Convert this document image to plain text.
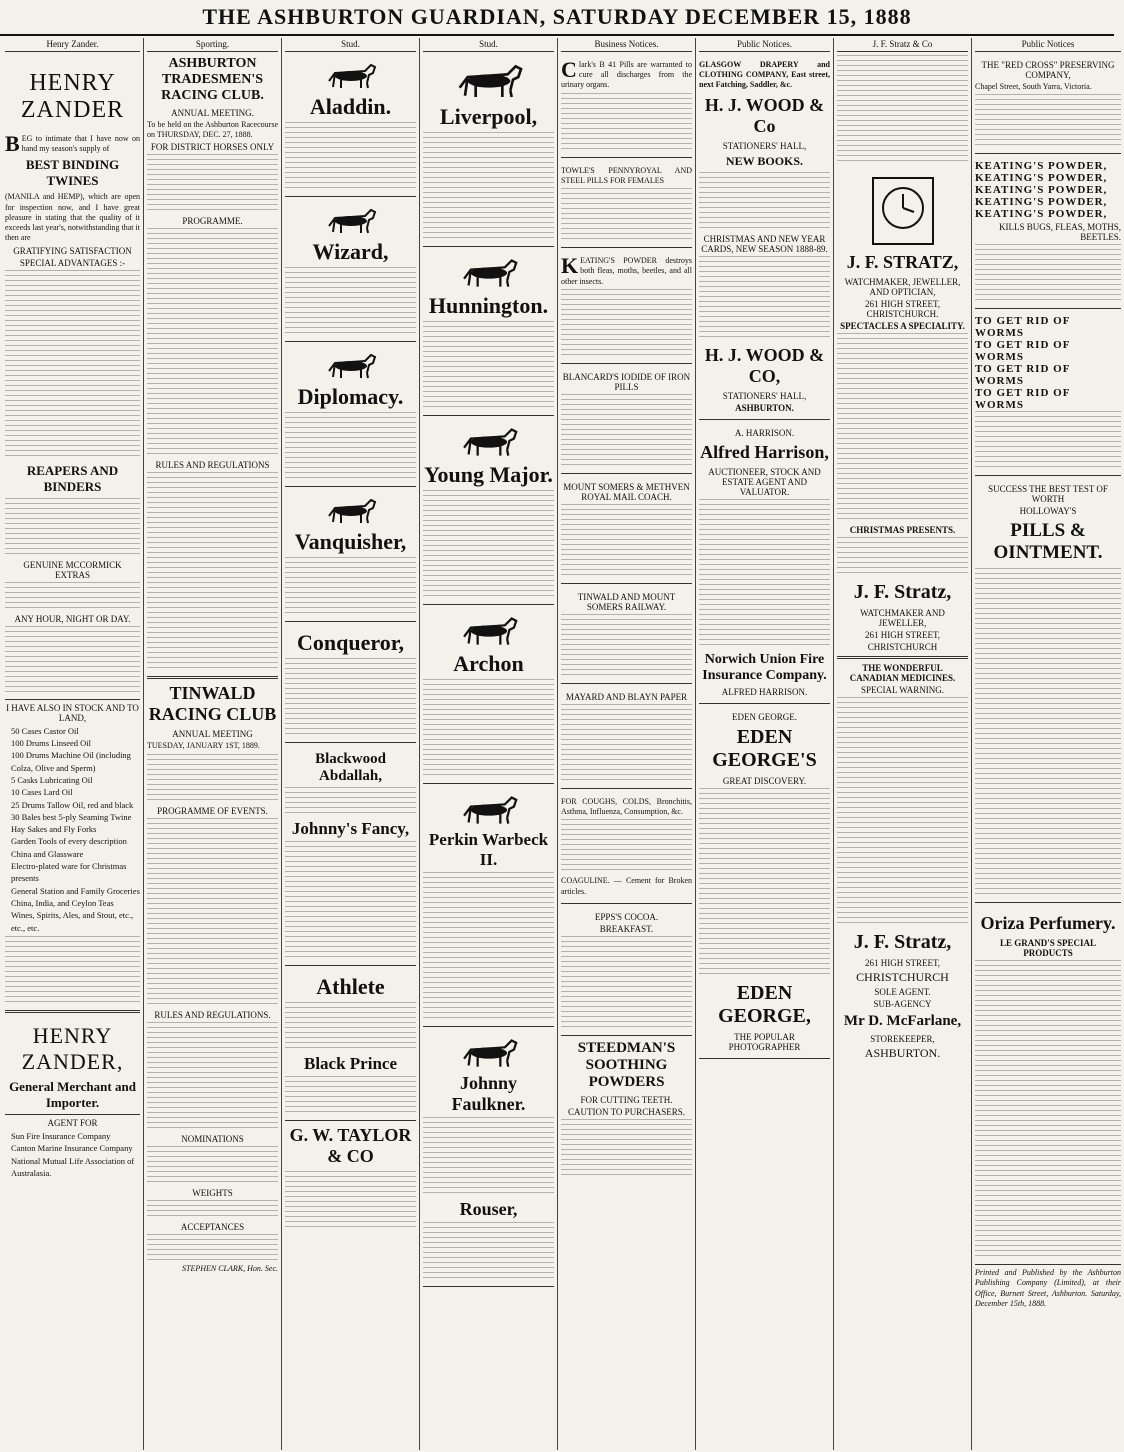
THE ASHBURTON GUARDIAN, SATURDAY DECEMBER 15, 1888
Henry Zander.
HENRY ZANDER
BEG to intimate that I have now on hand my season's supply of
BEST BINDING TWINES
(MANILA and HEMP), which are open for inspection now, and I have great pleasure in stating that the quality of it exceeds last year's, notwithstanding that it then are
GRATIFYING SATISFACTION
SPECIAL ADVANTAGES :-
REAPERS AND BINDERS
GENUINE MCCORMICK EXTRAS
ANY HOUR, NIGHT OR DAY.
I HAVE ALSO IN STOCK AND TO LAND,
50 Cases Castor Oil
100 Drums Linseed Oil
100 Drums Machine Oil (including Colza, Olive and Sperm)
5 Casks Lubricating Oil
10 Cases Lard Oil
25 Drums Tallow Oil, red and black
30 Bales best 5-ply Seaming Twine
Hay Sakes and Fly Forks
Garden Tools of every description
China and Glassware
Electro-plated ware for Christmas presents
General Station and Family Groceries
China, India, and Ceylon Teas
Wines, Spirits, Ales, and Stout, etc., etc., etc.
HENRY ZANDER,
General Merchant and Importer.
AGENT FOR
Sun Fire Insurance Company
Canton Marine Insurance Company
National Mutual Life Association of Australasia.
Sporting.
ASHBURTON TRADESMEN'S RACING CLUB.
ANNUAL MEETING.
To be held on the Ashburton Racecourse on THURSDAY, DEC. 27, 1888.
FOR DISTRICT HORSES ONLY
PROGRAMME.
RULES AND REGULATIONS
TINWALD RACING CLUB
ANNUAL MEETING
TUESDAY, JANUARY 1ST, 1889.
PROGRAMME OF EVENTS.
RULES AND REGULATIONS.
NOMINATIONS
WEIGHTS
ACCEPTANCES
STEPHEN CLARK, Hon. Sec.
Stud.
Aladdin.
Wizard,
Diplomacy.
Vanquisher,
Conqueror,
Blackwood Abdallah,
Johnny's Fancy,
Athlete
Black Prince
G. W. TAYLOR & CO
Stud.
Liverpool,
Hunnington.
Young Major.
Archon
Perkin Warbeck II.
Johnny Faulkner.
Rouser,
Business Notices.
Clark's B 41 Pills are warranted to cure all discharges from the urinary organs.
TOWLE'S PENNYROYAL AND STEEL PILLS FOR FEMALES
KEATING'S POWDER destroys both fleas, moths, beetles, and all other insects.
BLANCARD'S IODIDE OF IRON PILLS
MOUNT SOMERS & METHVEN ROYAL MAIL COACH.
TINWALD AND MOUNT SOMERS RAILWAY.
MAYARD AND BLAYN PAPER
FOR COUGHS, COLDS, Bronchitis, Asthma, Influenza, Consumption, &c.
COAGULINE. — Cement for Broken articles.
EPPS'S COCOA.
BREAKFAST.
STEEDMAN'S SOOTHING POWDERS
FOR CUTTING TEETH.
CAUTION TO PURCHASERS.
Public Notices.
GLASGOW DRAPERY and CLOTHING COMPANY, East street, next Fatching, Saddler, &c.
H. J. WOOD & Co
STATIONERS' HALL,
NEW BOOKS.
CHRISTMAS AND NEW YEAR CARDS, NEW SEASON 1888-89.
H. J. WOOD & CO,
STATIONERS' HALL,
ASHBURTON.
A. HARRISON.
Alfred Harrison,
AUCTIONEER, STOCK AND ESTATE AGENT AND VALUATOR.
Norwich Union Fire Insurance Company.
ALFRED HARRISON.
EDEN GEORGE.
EDEN GEORGE'S
GREAT DISCOVERY.
EDEN GEORGE,
THE POPULAR PHOTOGRAPHER
J. F. Stratz & Co
J. F. STRATZ,
WATCHMAKER, JEWELLER, AND OPTICIAN,
261 HIGH STREET, CHRISTCHURCH.
SPECTACLES A SPECIALITY.
CHRISTMAS PRESENTS.
J. F. Stratz,
WATCHMAKER AND JEWELLER,
261 HIGH STREET,
CHRISTCHURCH
THE WONDERFUL CANADIAN MEDICINES.
SPECIAL WARNING.
J. F. Stratz,
261 HIGH STREET,
CHRISTCHURCH
SOLE AGENT.
SUB-AGENCY
Mr D. McFarlane,
STOREKEEPER,
ASHBURTON.
Public Notices
THE "RED CROSS" PRESERVING COMPANY,
Chapel Street, South Yarra, Victoria.
KEATING'S POWDER,
KEATING'S POWDER,
KEATING'S POWDER,
KEATING'S POWDER,
KEATING'S POWDER,
KILLS BUGS, FLEAS, MOTHS, BEETLES.
TO GET RID OF WORMS
TO GET RID OF WORMS
TO GET RID OF WORMS
TO GET RID OF WORMS
SUCCESS THE BEST TEST OF WORTH
HOLLOWAY'S
PILLS & OINTMENT.
Oriza Perfumery.
LE GRAND'S SPECIAL PRODUCTS
Printed and Published by the Ashburton Publishing Company (Limited), at their Office, Burnett Street, Ashburton. Saturday, December 15th, 1888.
